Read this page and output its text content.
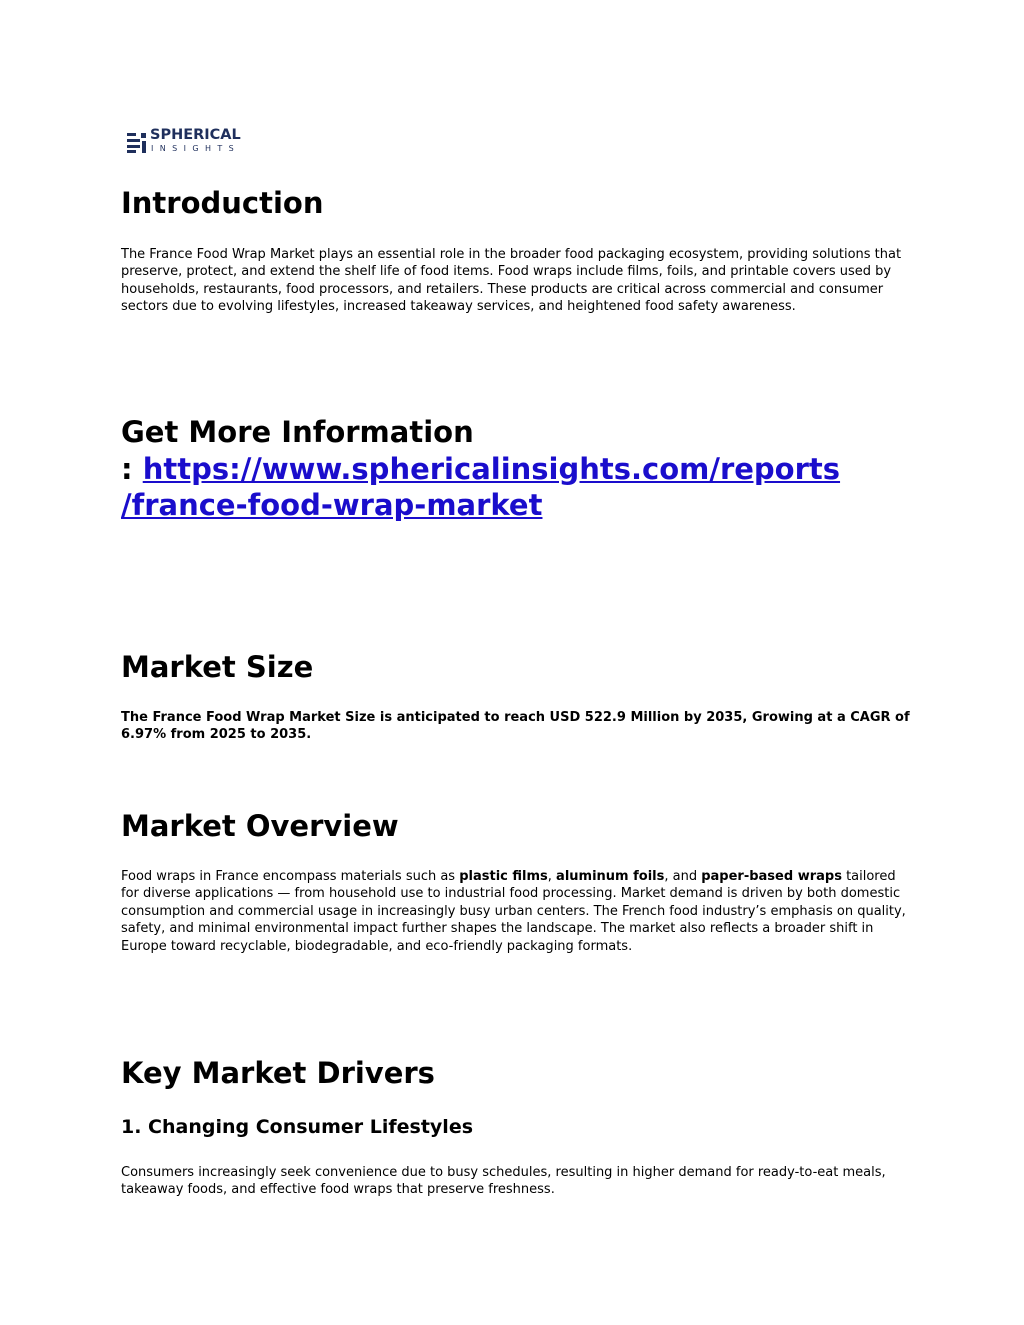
SPHERICAL
INSIGHTS
Introduction

The France Food Wrap Market plays an essential role in the broader food packaging ecosystem, providing solutions that preserve, protect, and extend the shelf life of food items. Food wraps include films, foils, and printable covers used by households, restaurants, food processors, and retailers. These products are critical across commercial and consumer sectors due to evolving lifestyles, increased takeaway services, and heightened food safety awareness.

Get More Information
: https://www.sphericalinsights.com/reports
/france-food-wrap-market
Market Size

The France Food Wrap Market Size is anticipated to reach USD 522.9 Million by 2035, Growing at a CAGR of 6.97% from 2025 to 2035.

Market Overview

Food wraps in France encompass materials such as plastic films, aluminum foils, and paper-based wraps tailored for diverse applications — from household use to industrial food processing. Market demand is driven by both domestic consumption and commercial usage in increasingly busy urban centers. The French food industry’s emphasis on quality, safety, and minimal environmental impact further shapes the landscape. The market also reflects a broader shift in Europe toward recyclable, biodegradable, and eco-friendly packaging formats.

Key Market Drivers
1. Changing Consumer Lifestyles

Consumers increasingly seek convenience due to busy schedules, resulting in higher demand for ready-to-eat meals, takeaway foods, and effective food wraps that preserve freshness.
